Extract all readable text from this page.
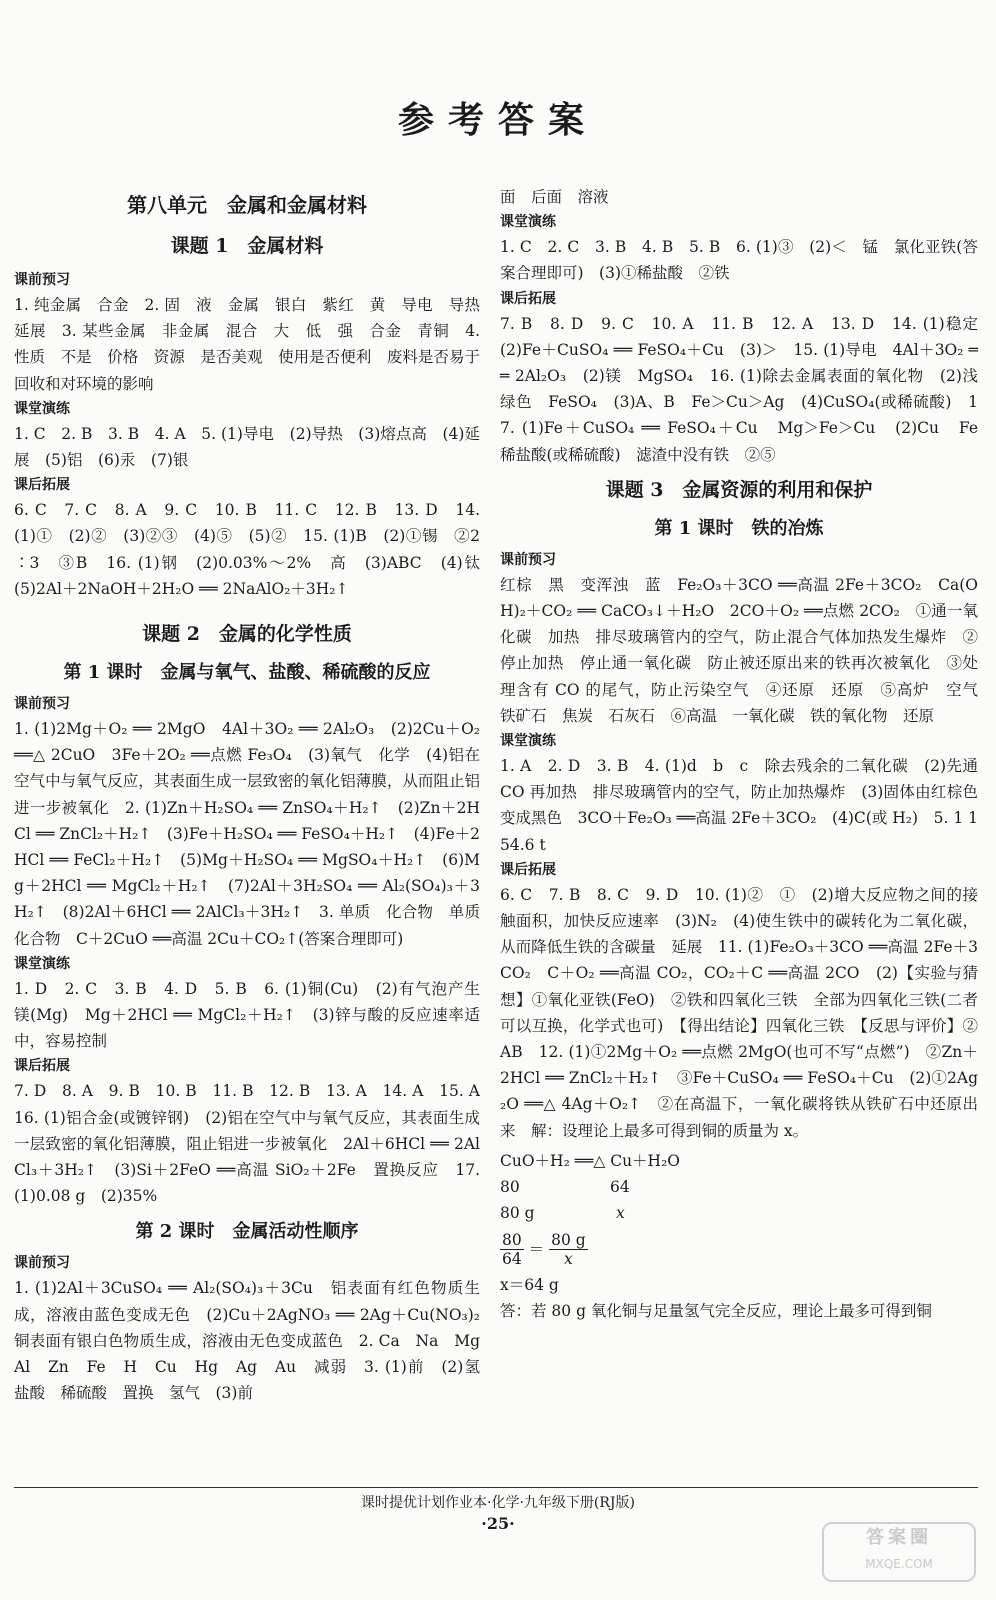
参考答案
第八单元　金属和金属材料
课题 1　金属材料
课前预习

1. 纯金属　合金　2. 固　液　金属　银白　紫红　黄　导电　导热　延展　3. 某些金属　非金属　混合　大　低　强　合金　青铜　4. 性质　不是　价格　资源　是否美观　使用是否便利　废料是否易于回收和对环境的影响

课堂演练

1. C　2. B　3. B　4. A　5. (1)导电　(2)导热　(3)熔点高　(4)延展　(5)铝　(6)汞　(7)银

课后拓展

6. C　7. C　8. A　9. C　10. B　11. C　12. B　13. D　14. (1)①　(2)②　(3)②③　(4)⑤　(5)②　15. (1)B　(2)①锡　②2∶3　③B　16. (1)钢　(2)0.03%～2%　高　(3)ABC　(4)钛　(5)2Al＋2NaOH＋2H₂O ══ 2NaAlO₂＋3H₂↑

课题 2　金属的化学性质
第 1 课时　金属与氧气、盐酸、稀硫酸的反应
课前预习

1. (1)2Mg＋O₂ ══ 2MgO　4Al＋3O₂ ══ 2Al₂O₃　(2)2Cu＋O₂ ══△ 2CuO　3Fe＋2O₂ ══点燃 Fe₃O₄　(3)氧气　化学　(4)铝在空气中与氧气反应，其表面生成一层致密的氧化铝薄膜，从而阻止铝进一步被氧化　2. (1)Zn＋H₂SO₄ ══ ZnSO₄＋H₂↑　(2)Zn＋2HCl ══ ZnCl₂＋H₂↑　(3)Fe＋H₂SO₄ ══ FeSO₄＋H₂↑　(4)Fe＋2HCl ══ FeCl₂＋H₂↑　(5)Mg＋H₂SO₄ ══ MgSO₄＋H₂↑　(6)Mg＋2HCl ══ MgCl₂＋H₂↑　(7)2Al＋3H₂SO₄ ══ Al₂(SO₄)₃＋3H₂↑　(8)2Al＋6HCl ══ 2AlCl₃＋3H₂↑　3. 单质　化合物　单质　化合物　C＋2CuO ══高温 2Cu＋CO₂↑(答案合理即可)

课堂演练

1. D　2. C　3. B　4. D　5. B　6. (1)铜(Cu)　(2)有气泡产生　镁(Mg)　Mg＋2HCl ══ MgCl₂＋H₂↑　(3)锌与酸的反应速率适中，容易控制

课后拓展

7. D　8. A　9. B　10. B　11. B　12. B　13. A　14. A　15. A　16. (1)铝合金(或镀锌钢)　(2)铝在空气中与氧气反应，其表面生成一层致密的氧化铝薄膜，阻止铝进一步被氧化　2Al＋6HCl ══ 2AlCl₃＋3H₂↑　(3)Si＋2FeO ══高温 SiO₂＋2Fe　置换反应　17. (1)0.08 g　(2)35%

第 2 课时　金属活动性顺序
课前预习

1. (1)2Al＋3CuSO₄ ══ Al₂(SO₄)₃＋3Cu　铝表面有红色物质生成，溶液由蓝色变成无色　(2)Cu＋2AgNO₃ ══ 2Ag＋Cu(NO₃)₂　铜表面有银白色物质生成，溶液由无色变成蓝色　2. Ca　Na　Mg　Al　Zn　Fe　H　Cu　Hg　Ag　Au　减弱　3. (1)前　(2)氢　盐酸　稀硫酸　置换　氢气　(3)前

面　后面　溶液

课堂演练

1. C　2. C　3. B　4. B　5. B　6. (1)③　(2)＜　锰　氯化亚铁(答案合理即可)　(3)①稀盐酸　②铁

课后拓展

7. B　8. D　9. C　10. A　11. B　12. A　13. D　14. (1)稳定　(2)Fe＋CuSO₄ ══ FeSO₄＋Cu　(3)＞　15. (1)导电　4Al＋3O₂ ══ 2Al₂O₃　(2)镁　MgSO₄　16. (1)除去金属表面的氧化物　(2)浅绿色　FeSO₄　(3)A、B　Fe＞Cu＞Ag　(4)CuSO₄(或稀硫酸)　17. (1)Fe＋CuSO₄ ══ FeSO₄＋Cu　Mg＞Fe＞Cu　(2)Cu　Fe　稀盐酸(或稀硫酸)　滤渣中没有铁　②⑤

课题 3　金属资源的利用和保护
第 1 课时　铁的冶炼
课前预习

红棕　黑　变浑浊　蓝　Fe₂O₃＋3CO ══高温 2Fe＋3CO₂　Ca(OH)₂＋CO₂ ══ CaCO₃↓＋H₂O　2CO＋O₂ ══点燃 2CO₂　①通一氧化碳　加热　排尽玻璃管内的空气，防止混合气体加热发生爆炸　②停止加热　停止通一氧化碳　防止被还原出来的铁再次被氧化　③处理含有 CO 的尾气，防止污染空气　④还原　还原　⑤高炉　空气　铁矿石　焦炭　石灰石　⑥高温　一氧化碳　铁的氧化物　还原

课堂演练

1. A　2. D　3. B　4. (1)d　b　c　除去残余的二氧化碳　(2)先通 CO 再加热　排尽玻璃管内的空气，防止加热爆炸　(3)固体由红棕色变成黑色　3CO＋Fe₂O₃ ══高温 2Fe＋3CO₂　(4)C(或 H₂)　5. 1 154.6 t

课后拓展

6. C　7. B　8. C　9. D　10. (1)②　①　(2)增大反应物之间的接触面积，加快反应速率　(3)N₂　(4)使生铁中的碳转化为二氧化碳，从而降低生铁的含碳量　延展　11. (1)Fe₂O₃＋3CO ══高温 2Fe＋3CO₂　C＋O₂ ══高温 CO₂，CO₂＋C ══高温 2CO　(2)【实验与猜想】①氧化亚铁(FeO)　②铁和四氧化三铁　全部为四氧化三铁(二者可以互换，化学式也可)　【得出结论】四氧化三铁　【反思与评价】②AB　12. (1)①2Mg＋O₂ ══点燃 2MgO(也可不写“点燃”)　②Zn＋2HCl ══ ZnCl₂＋H₂↑　③Fe＋CuSO₄ ══ FeSO₄＋Cu　(2)①2Ag₂O ══△ 4Ag＋O₂↑　②在高温下，一氧化碳将铁从铁矿石中还原出来　解：设理论上最多可得到铜的质量为 x。

CuO＋H₂ ══△ Cu＋H₂O
80	64
80 g	x
$\frac{80}{64} = \frac{80 g}{x}$
x＝64 g

答：若 80 g 氧化铜与足量氢气完全反应，理论上最多可得到铜

课时提优计划作业本·化学·九年级下册(RJ版)
·25·
答案圈
MXQE.COM
